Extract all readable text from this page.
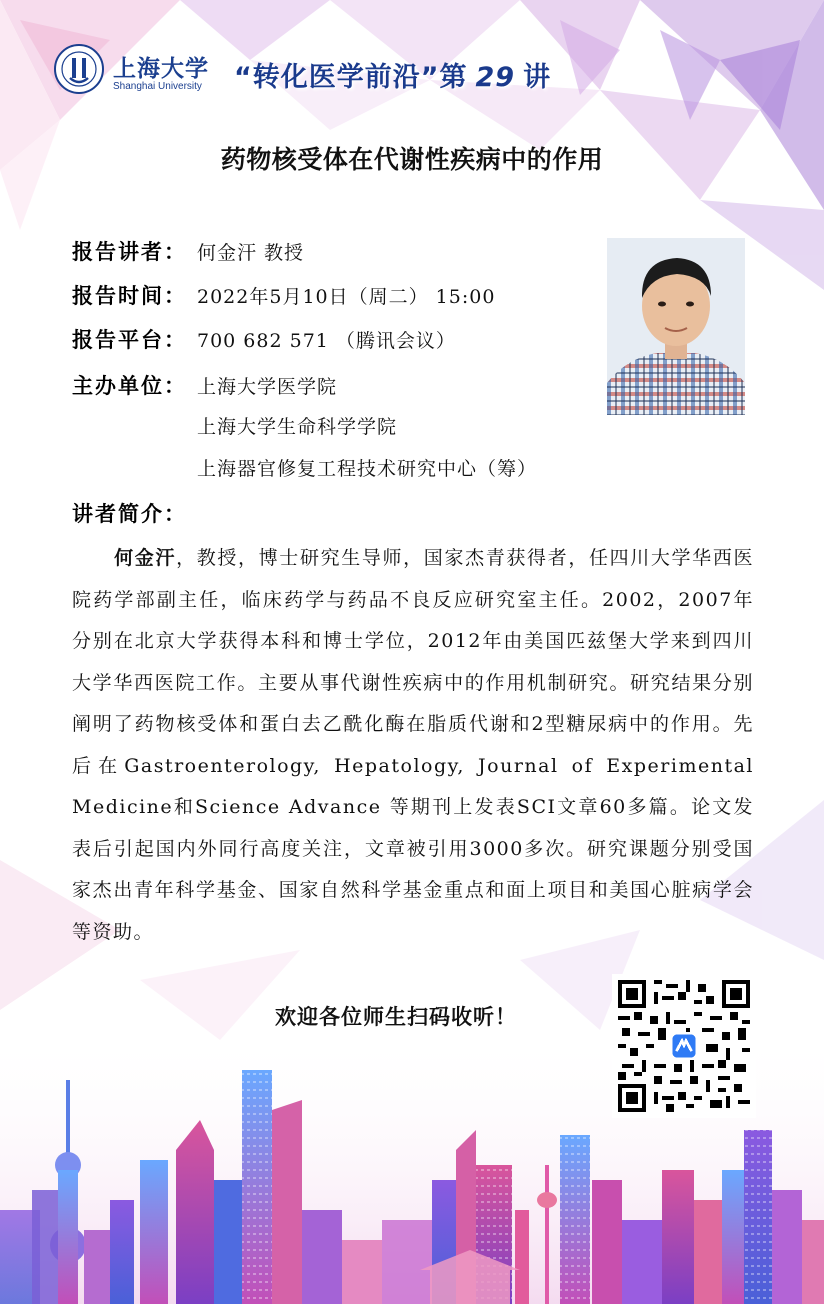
上海大学
Shanghai University “转化医学前沿”第 29 讲
药物核受体在代谢性疾病中的作用
报告讲者： 何金汗 教授
报告时间： 2022年5月10日（周二） 15:00
报告平台： 700 682 571 （腾讯会议）
主办单位： 上海大学医学院
上海大学生命科学学院
上海器官修复工程技术研究中心（筹）
讲者简介：
何金汗，教授，博士研究生导师，国家杰青获得者，任四川大学华西医院药学部副主任，临床药学与药品不良反应研究室主任。2002，2007年分别在北京大学获得本科和博士学位，2012年由美国匹兹堡大学来到四川大学华西医院工作。主要从事代谢性疾病中的作用机制研究。研究结果分别阐明了药物核受体和蛋白去乙酰化酶在脂质代谢和2型糖尿病中的作用。先后在Gastroenterology, Hepatology, Journal of Experimental Medicine和Science Advance 等期刊上发表SCI文章60多篇。论文发表后引起国内外同行高度关注，文章被引用3000多次。研究课题分别受国家杰出青年科学基金、国家自然科学基金重点和面上项目和美国心脏病学会等资助。
欢迎各位师生扫码收听！
